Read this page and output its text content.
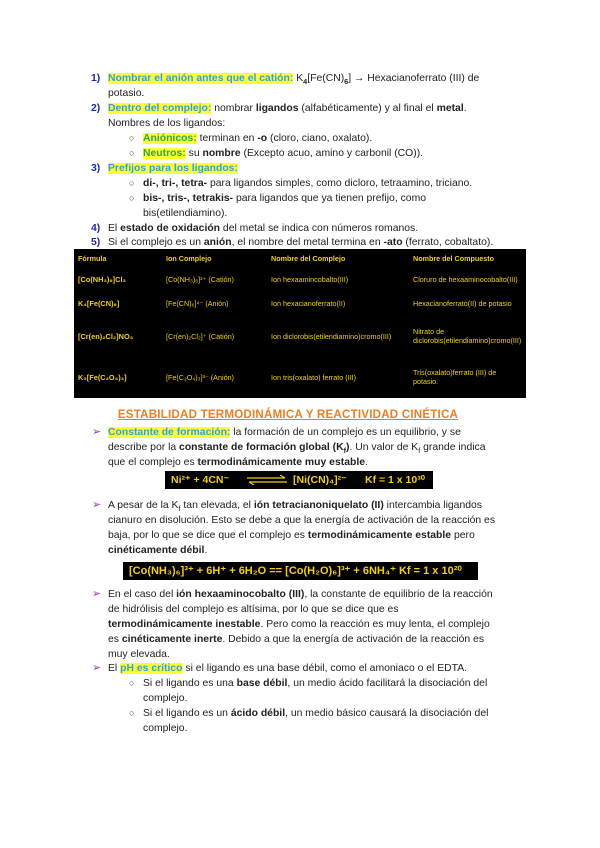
1) Nombrar el anión antes que el catión: $K_4[Fe(CN)_6]$ → Hexacianoferrato (III) de
potasio.
2) Dentro del complejo: nombrar ligandos (alfabéticamente) y al final el metal.
Nombres de los ligandos:
○ Aniónicos: terminan en -o (cloro, ciano, oxalato).
○ Neutros: su nombre (Excepto acuo, amino y carbonil (CO)).
3) Prefijos para los ligandos:
○ di-, tri-, tetra- para ligandos simples, como dicloro, tetraamino, triciano.
○ bis-, tris-, tetrakis- para ligandos que ya tienen prefijo, como
bis(etilendiamino).
4) El estado de oxidación del metal se indica con números romanos.
5) Si el complejo es un anión, el nombre del metal termina en -ato (ferrato, cobaltato).
Fórmula	Ion Complejo	Nombre del Complejo	Nombre del Compuesto
[Co(NH₃)₆]Cl₃	[Co(NH₃)₆]³⁺ (Catión)	Ion hexaamincobalto(III)	Cloruro de hexaaminocobalto(III)
K₄[Fe(CN)₆]	[Fe(CN)₆]⁴⁻ (Anión)	Ion hexacianoferrato(II)	Hexacianoferrato(II) de potasio
[Cr(en)₂Cl₂]NO₃	[Cr(en)₂Cl₂]⁺ (Catión)	Ion diclorobis(etilendiamino)cromo(III)	Nitrato de diclorobis(etilendiamino)cromo(III)
K₃[Fe(C₂O₄)₃]	[Fe(C₂O₄)₃]³⁻ (Anión)	Ion tris(oxalato) ferrato (III)	Tris(oxalato)ferrato (III) de potasio.
ESTABILIDAD TERMODINÁMICA Y REACTIVIDAD CINÉTICA
➢ Constante de formación: la formación de un complejo es un equilibrio, y se
describe por la constante de formación global $(K_f)$. Un valor de $K_f$ grande indica
que el complejo es termodinámicamente muy estable.
Ni²⁺ + 4CN⁻ ⇌ [Ni(CN)₄]²⁻ Kf = 1 x 10³⁰
➢ A pesar de la $K_f$ tan elevada, el ión tetracianoniquelato (II) intercambia ligandos
cianuro en disolución. Esto se debe a que la energía de activación de la reacción es
baja, por lo que se dice que el complejo es termodinámicamente estable pero
cinéticamente débil.
[Co(NH₃)₆]³⁺ + 6H⁺ + 6H₂O == [Co(H₂O)₆]³⁺ + 6NH₄⁺ Kf = 1 x 10²⁰
➢ En el caso del ión hexaaminocobalto (III), la constante de equilibrio de la reacción
de hidrólisis del complejo es altísima, por lo que se dice que es
termodinámicamente inestable. Pero como la reacción es muy lenta, el complejo
es cinéticamente inerte. Debido a que la energía de activación de la reacción es
muy elevada.
➢ El pH es crítico si el ligando es una base débil, como el amoniaco o el EDTA.
○ Si el ligando es una base débil, un medio ácido facilitará la disociación del
complejo.
○ Si el ligando es un ácido débil, un medio básico causará la disociación del
complejo.
